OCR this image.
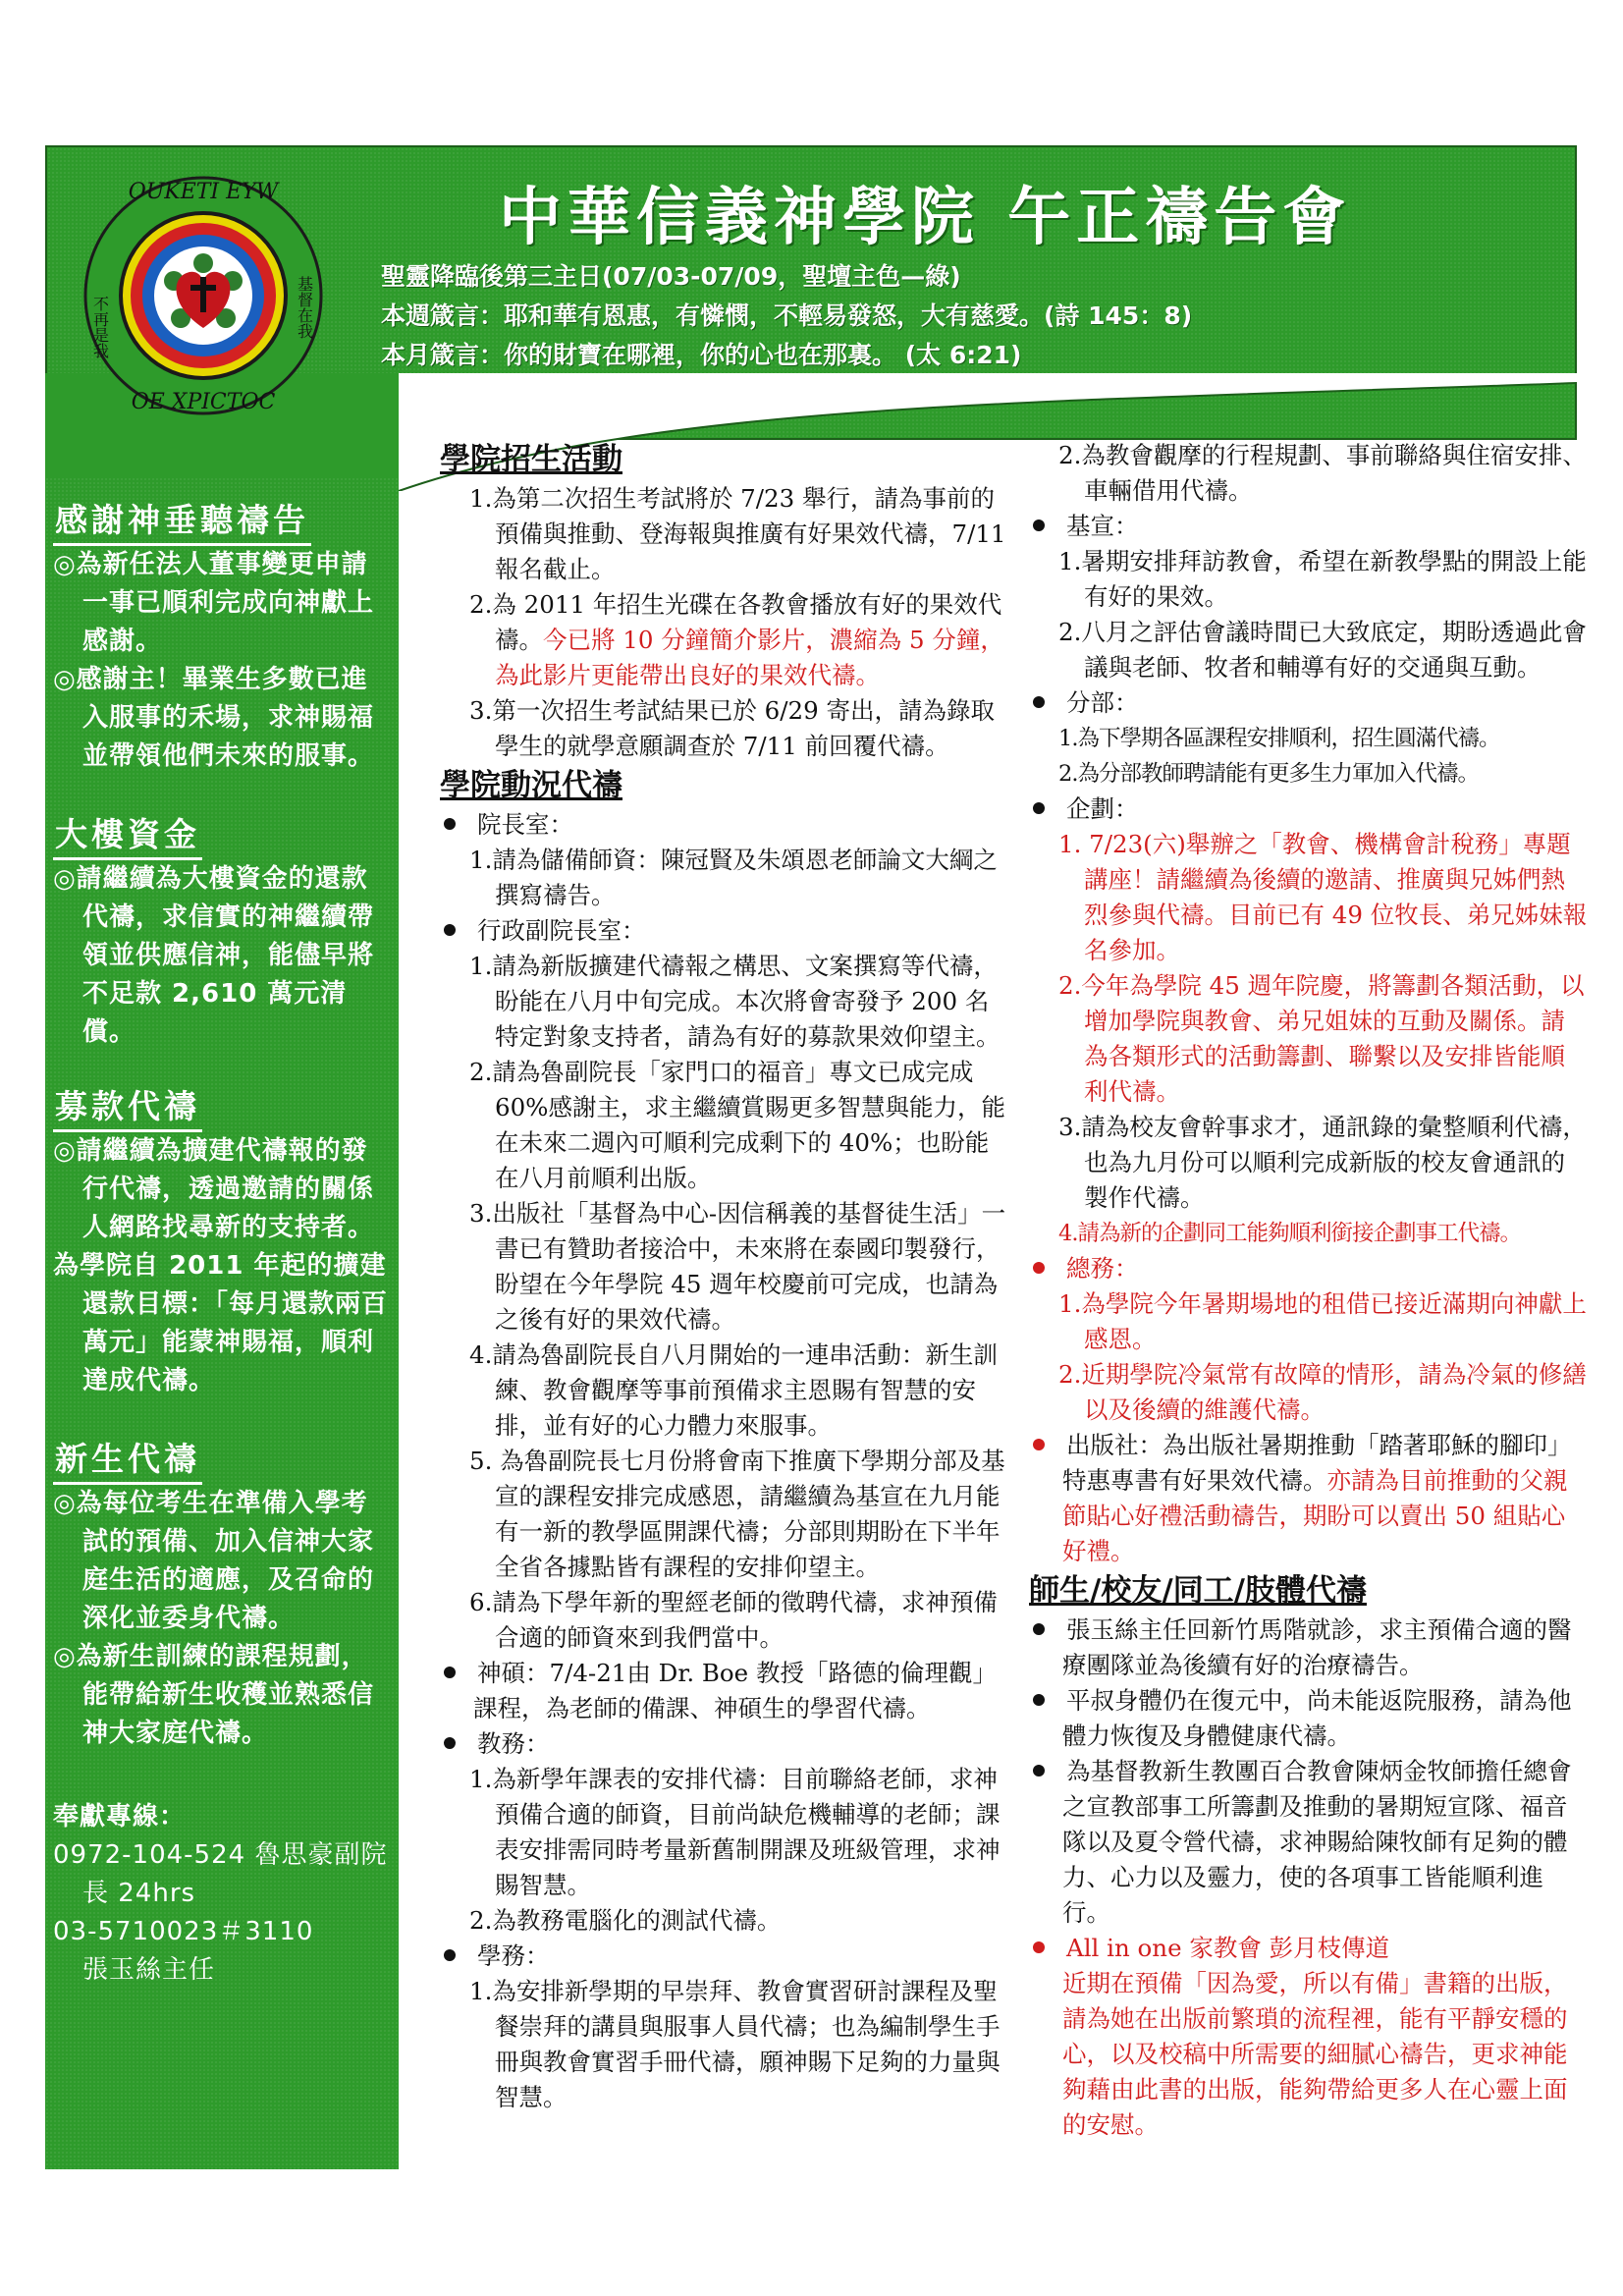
中華信義神學院 午正禱告會
聖靈降臨後第三主日(07/03-07/09，聖壇主色—綠)
本週箴言：耶和華有恩惠，有憐憫，不輕易發怒，大有慈愛。(詩 145：8)
本月箴言：你的財寶在哪裡，你的心也在那裏。 (太 6:21)
OUKETI EYW
OE XPICTOC
不再是我	基督在我
感謝神垂聽禱告

◎為新任法人董事變更申請一事已順利完成向神獻上感謝。

◎感謝主！畢業生多數已進入服事的禾場，求神賜福並帶領他們未來的服事。

大樓資金

◎請繼續為大樓資金的還款代禱，求信實的神繼續帶領並供應信神，能儘早將不足款 2,610 萬元清償。

募款代禱

◎請繼續為擴建代禱報的發行代禱，透過邀請的關係人網路找尋新的支持者。

為學院自 2011 年起的擴建還款目標：「每月還款兩百萬元」能蒙神賜福，順利達成代禱。

新生代禱

◎為每位考生在準備入學考試的預備、加入信神大家庭生活的適應，及召命的深化並委身代禱。

◎為新生訓練的課程規劃，能帶給新生收穫並熟悉信神大家庭代禱。

奉獻專線：

0972-104-524 魯思豪副院長 24hrs

03-5710023＃3110

張玉絲主任

學院招生活動

1.為第二次招生考試將於 7/23 舉行，請為事前的預備與推動、登海報與推廣有好果效代禱，7/11 報名截止。

2.為 2011 年招生光碟在各教會播放有好的果效代禱。今已將 10 分鐘簡介影片，濃縮為 5 分鐘，為此影片更能帶出良好的果效代禱。

3.第一次招生考試結果已於 6/29 寄出，請為錄取學生的就學意願調查於 7/11 前回覆代禱。

學院動況代禱

院長室：

1.請為儲備師資：陳冠賢及朱頌恩老師論文大綱之撰寫禱告。

行政副院長室：

1.請為新版擴建代禱報之構思、文案撰寫等代禱，盼能在八月中旬完成。本次將會寄發予 200 名特定對象支持者，請為有好的募款果效仰望主。

2.請為魯副院長「家門口的福音」專文已成完成 60%感謝主，求主繼續賞賜更多智慧與能力，能在未來二週內可順利完成剩下的 40%；也盼能在八月前順利出版。

3.出版社「基督為中心-因信稱義的基督徒生活」一書已有贊助者接洽中，未來將在泰國印製發行，盼望在今年學院 45 週年校慶前可完成，也請為之後有好的果效代禱。

4.請為魯副院長自八月開始的一連串活動：新生訓練、教會觀摩等事前預備求主恩賜有智慧的安排，並有好的心力體力來服事。

5. 為魯副院長七月份將會南下推廣下學期分部及基宣的課程安排完成感恩，請繼續為基宣在九月能有一新的教學區開課代禱；分部則期盼在下半年全省各據點皆有課程的安排仰望主。

6.請為下學年新的聖經老師的徵聘代禱，求神預備合適的師資來到我們當中。

神碩：7/4-21由 Dr. Boe 教授「路德的倫理觀」課程，為老師的備課、神碩生的學習代禱。

教務：

1.為新學年課表的安排代禱：目前聯絡老師，求神預備合適的師資，目前尚缺危機輔導的老師；課表安排需同時考量新舊制開課及班級管理，求神賜智慧。

2.為教務電腦化的測試代禱。

學務：

1.為安排新學期的早崇拜、教會實習研討課程及聖餐崇拜的講員與服事人員代禱；也為編制學生手冊與教會實習手冊代禱，願神賜下足夠的力量與智慧。

2.為教會觀摩的行程規劃、事前聯絡與住宿安排、車輛借用代禱。

基宣：

1.暑期安排拜訪教會，希望在新教學點的開設上能有好的果效。

2.八月之評估會議時間已大致底定，期盼透過此會議與老師、牧者和輔導有好的交通與互動。

分部：

1.為下學期各區課程安排順利，招生圓滿代禱。

2.為分部教師聘請能有更多生力軍加入代禱。

企劃：

1. 7/23(六)舉辦之「教會、機構會計稅務」專題講座！請繼續為後續的邀請、推廣與兄姊們熱烈參與代禱。目前已有 49 位牧長、弟兄姊妹報名參加。

2.今年為學院 45 週年院慶，將籌劃各類活動，以增加學院與教會、弟兄姐妹的互動及關係。請為各類形式的活動籌劃、聯繫以及安排皆能順利代禱。

3.請為校友會幹事求才，通訊錄的彙整順利代禱，也為九月份可以順利完成新版的校友會通訊的製作代禱。

4.請為新的企劃同工能夠順利銜接企劃事工代禱。

總務：

1.為學院今年暑期場地的租借已接近滿期向神獻上感恩。

2.近期學院冷氣常有故障的情形，請為冷氣的修繕以及後續的維護代禱。

出版社：為出版社暑期推動「踏著耶穌的腳印」特惠專書有好果效代禱。亦請為目前推動的父親節貼心好禮活動禱告，期盼可以賣出 50 組貼心好禮。

師生/校友/同工/肢體代禱

張玉絲主任回新竹馬階就診，求主預備合適的醫療團隊並為後續有好的治療禱告。

平叔身體仍在復元中，尚未能返院服務，請為他體力恢復及身體健康代禱。

為基督教新生教團百合教會陳炳金牧師擔任總會之宣教部事工所籌劃及推動的暑期短宣隊、福音隊以及夏令營代禱，求神賜給陳牧師有足夠的體力、心力以及靈力，使的各項事工皆能順利進行。

All in one 家教會 彭月枝傳道

近期在預備「因為愛，所以有備」書籍的出版，請為她在出版前繁瑣的流程裡，能有平靜安穩的心，以及校稿中所需要的細膩心禱告，更求神能夠藉由此書的出版，能夠帶給更多人在心靈上面的安慰。
